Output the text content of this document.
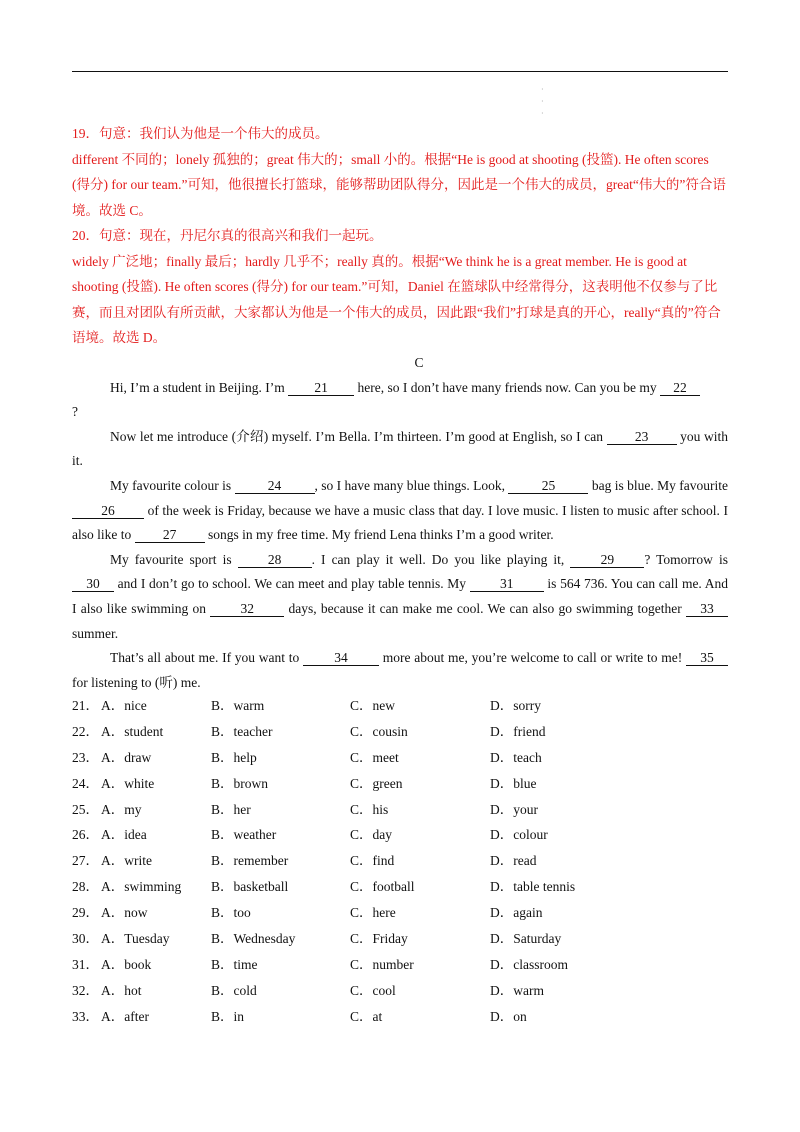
·
·
·

19．句意：我们认为他是一个伟大的成员。

different 不同的；lonely 孤独的；great 伟大的；small 小的。根据“He is good at shooting (投篮). He often scores (得分) for our team.”可知，他很擅长打篮球，能够帮助团队得分，因此是一个伟大的成员，great“伟大的”符合语境。故选 C。

20．句意：现在，丹尼尔真的很高兴和我们一起玩。

widely 广泛地；finally 最后；hardly 几乎不；really 真的。根据“We think he is a great member. He is good at shooting (投篮). He often scores (得分) for our team.”可知，Daniel 在篮球队中经常得分，这表明他不仅参与了比赛，而且对团队有所贡献，大家都认为他是一个伟大的成员，因此跟“我们”打球是真的开心，really“真的”符合语境。故选 D。

C

Hi, I’m a student in Beijing. I’m 21 here, so I don’t have many friends now. Can you be my 22
?

Now let me introduce (介绍) myself. I’m Bella. I’m thirteen. I’m good at English, so I can 23 you with it.

My favourite colour is 24 , so I have many blue things. Look, 25 bag is blue. My favourite 26 of the week is Friday, because we have a music class that day. I love music. I listen to music after school. I also like to 27 songs in my free time. My friend Lena thinks I’m a good writer.

My favourite sport is 28 . I can play it well. Do you like playing it, 29 ? Tomorrow is 30 and I don’t go to school. We can meet and play table tennis. My 31 is 564 736. You can call me. And I also like swimming on 32 days, because it can make me cool. We can also go swimming together 33 summer.

That’s all about me. If you want to 34 more about me, you’re welcome to call or write to me! 35 for listening to (听) me.

21． A．nice	B．warm	C．new	D．sorry
22． A．student	B．teacher	C．cousin	D．friend
23． A．draw	B．help	C．meet	D．teach
24． A．white	B．brown	C．green	D．blue
25． A．my	B．her	C．his	D．your
26． A．idea	B．weather	C．day	D．colour
27． A．write	B．remember	C．find	D．read
28． A．swimming B．basketball	C．football	D．table tennis
29． A．now	B．too	C．here	D．again
30． A．Tuesday	B．Wednesday	C．Friday	D．Saturday
31． A．book	B．time	C．number	D．classroom
32． A．hot	B．cold	C．cool	D．warm
33． A．after	B．in	C．at	D．on
